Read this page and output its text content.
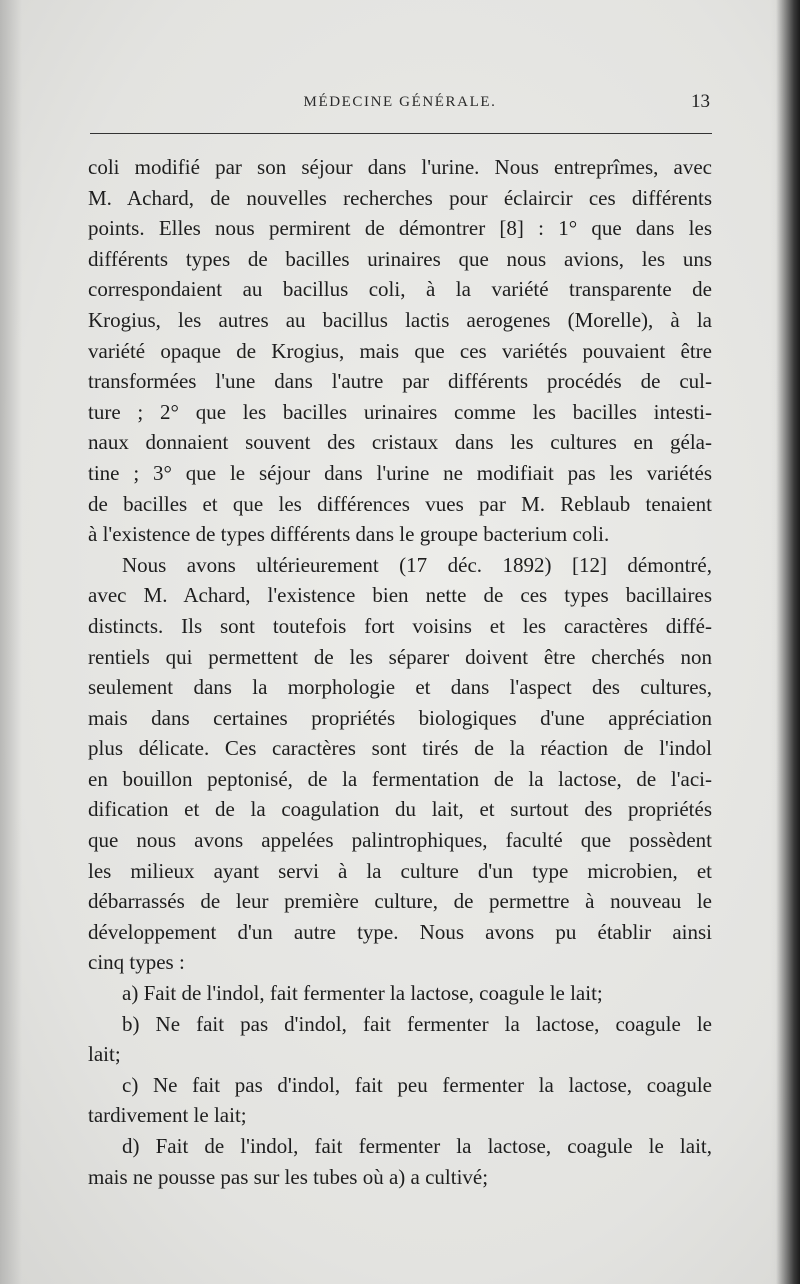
MÉDECINE GÉNÉRALE.	13
coli modifié par son séjour dans l'urine. Nous entreprîmes, avec
M. Achard, de nouvelles recherches pour éclaircir ces différents
points. Elles nous permirent de démontrer [8] : 1° que dans les
différents types de bacilles urinaires que nous avions, les uns
correspondaient au bacillus coli, à la variété transparente de
Krogius, les autres au bacillus lactis aerogenes (Morelle), à la
variété opaque de Krogius, mais que ces variétés pouvaient être
transformées l'une dans l'autre par différents procédés de cul-
ture ; 2° que les bacilles urinaires comme les bacilles intesti-
naux donnaient souvent des cristaux dans les cultures en géla-
tine ; 3° que le séjour dans l'urine ne modifiait pas les variétés
de bacilles et que les différences vues par M. Reblaub tenaient
à l'existence de types différents dans le groupe bacterium coli.
Nous avons ultérieurement (17 déc. 1892) [12] démontré,
avec M. Achard, l'existence bien nette de ces types bacillaires
distincts. Ils sont toutefois fort voisins et les caractères diffé-
rentiels qui permettent de les séparer doivent être cherchés non
seulement dans la morphologie et dans l'aspect des cultures,
mais dans certaines propriétés biologiques d'une appréciation
plus délicate. Ces caractères sont tirés de la réaction de l'indol
en bouillon peptonisé, de la fermentation de la lactose, de l'aci-
dification et de la coagulation du lait, et surtout des propriétés
que nous avons appelées palintrophiques, faculté que possèdent
les milieux ayant servi à la culture d'un type microbien, et
débarrassés de leur première culture, de permettre à nouveau le
développement d'un autre type. Nous avons pu établir ainsi
cinq types :
a) Fait de l'indol, fait fermenter la lactose, coagule le lait;
b) Ne fait pas d'indol, fait fermenter la lactose, coagule le
lait;
c) Ne fait pas d'indol, fait peu fermenter la lactose, coagule
tardivement le lait;
d) Fait de l'indol, fait fermenter la lactose, coagule le lait,
mais ne pousse pas sur les tubes où a) a cultivé;
